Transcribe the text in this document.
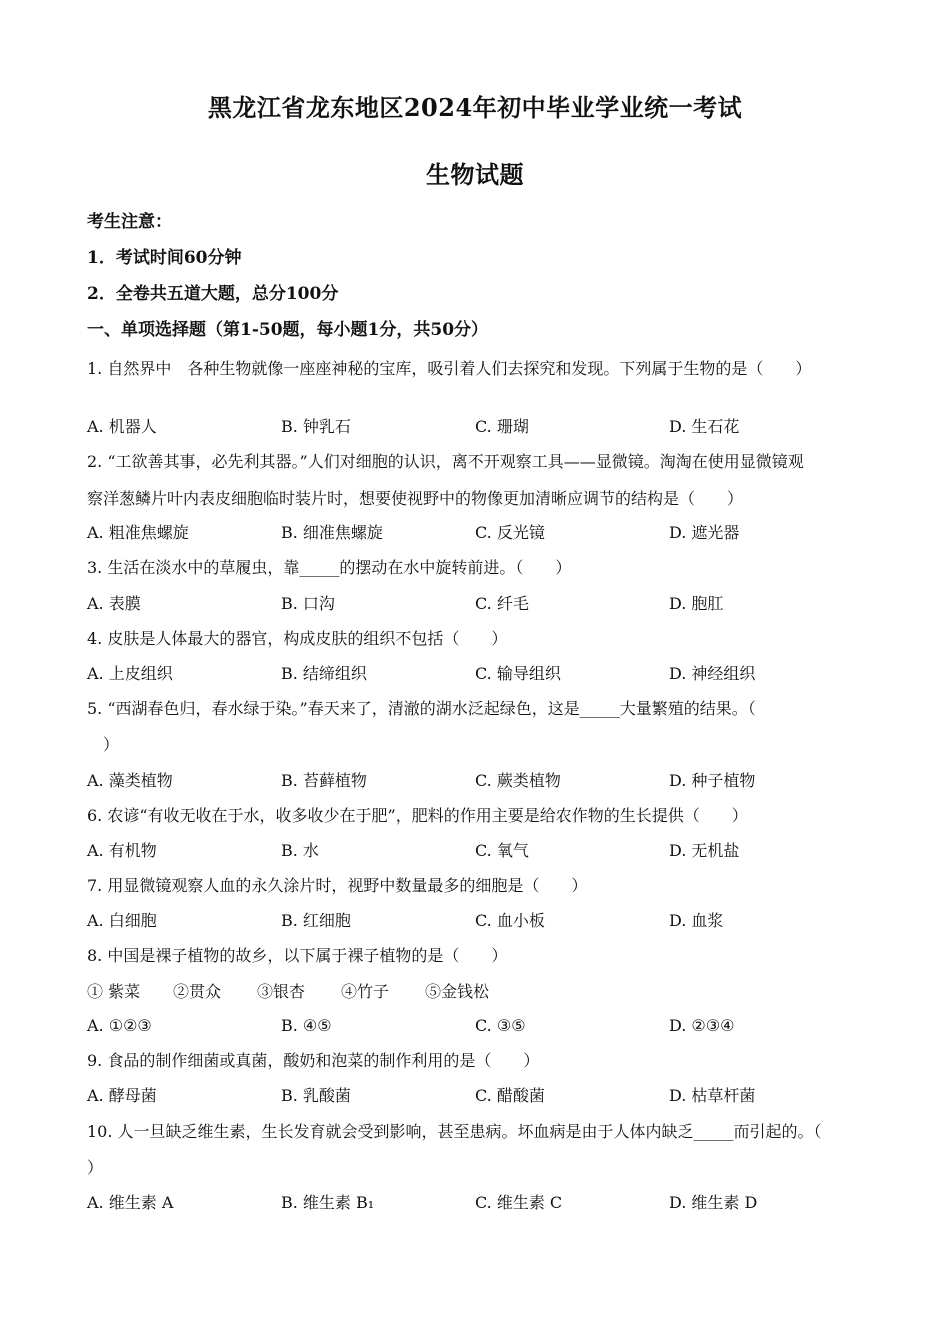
黑龙江省龙东地区2024年初中毕业学业统一考试
生物试题
考生注意：
1．考试时间60分钟
2．全卷共五道大题，总分100分
一、单项选择题（第1-50题，每小题1分，共50分）
1. 自然界中　各种生物就像一座座神秘的宝库，吸引着人们去探究和发现。下列属于生物的是（　　）
A. 机器人	B. 钟乳石	C. 珊瑚	D. 生石花
2. “工欲善其事，必先利其器。”人们对细胞的认识，离不开观察工具——显微镜。淘淘在使用显微镜观
察洋葱鳞片叶内表皮细胞临时装片时，想要使视野中的物像更加清晰应调节的结构是（　　）
A. 粗准焦螺旋	B. 细准焦螺旋	C. 反光镜	D. 遮光器
3. 生活在淡水中的草履虫，靠_____的摆动在水中旋转前进。（　　）
A. 表膜	B. 口沟	C. 纤毛	D. 胞肛
4. 皮肤是人体最大的器官，构成皮肤的组织不包括（　　）
A. 上皮组织	B. 结缔组织	C. 输导组织	D. 神经组织
5. “西湖春色归，春水绿于染。”春天来了，清澈的湖水泛起绿色，这是_____大量繁殖的结果。（
　）
A. 藻类植物	B. 苔藓植物	C. 蕨类植物	D. 种子植物
6. 农谚“有收无收在于水，收多收少在于肥”，肥料的作用主要是给农作物的生长提供（　　）
A. 有机物	B. 水	C. 氧气	D. 无机盐
7. 用显微镜观察人血的永久涂片时，视野中数量最多的细胞是（　　）
A. 白细胞	B. 红细胞	C. 血小板	D. 血浆
8. 中国是裸子植物的故乡，以下属于裸子植物的是（　　）
① 紫菜 ②贯众 ③银杏 ④竹子 ⑤金钱松
A. ①②③	B. ④⑤	C. ③⑤	D. ②③④
9. 食品的制作细菌或真菌，酸奶和泡菜的制作利用的是（　　）
A. 酵母菌	B. 乳酸菌	C. 醋酸菌	D. 枯草杆菌
10. 人一旦缺乏维生素，生长发育就会受到影响，甚至患病。坏血病是由于人体内缺乏_____而引起的。（
）
A. 维生素 A	B. 维生素 B₁	C. 维生素 C	D. 维生素 D
